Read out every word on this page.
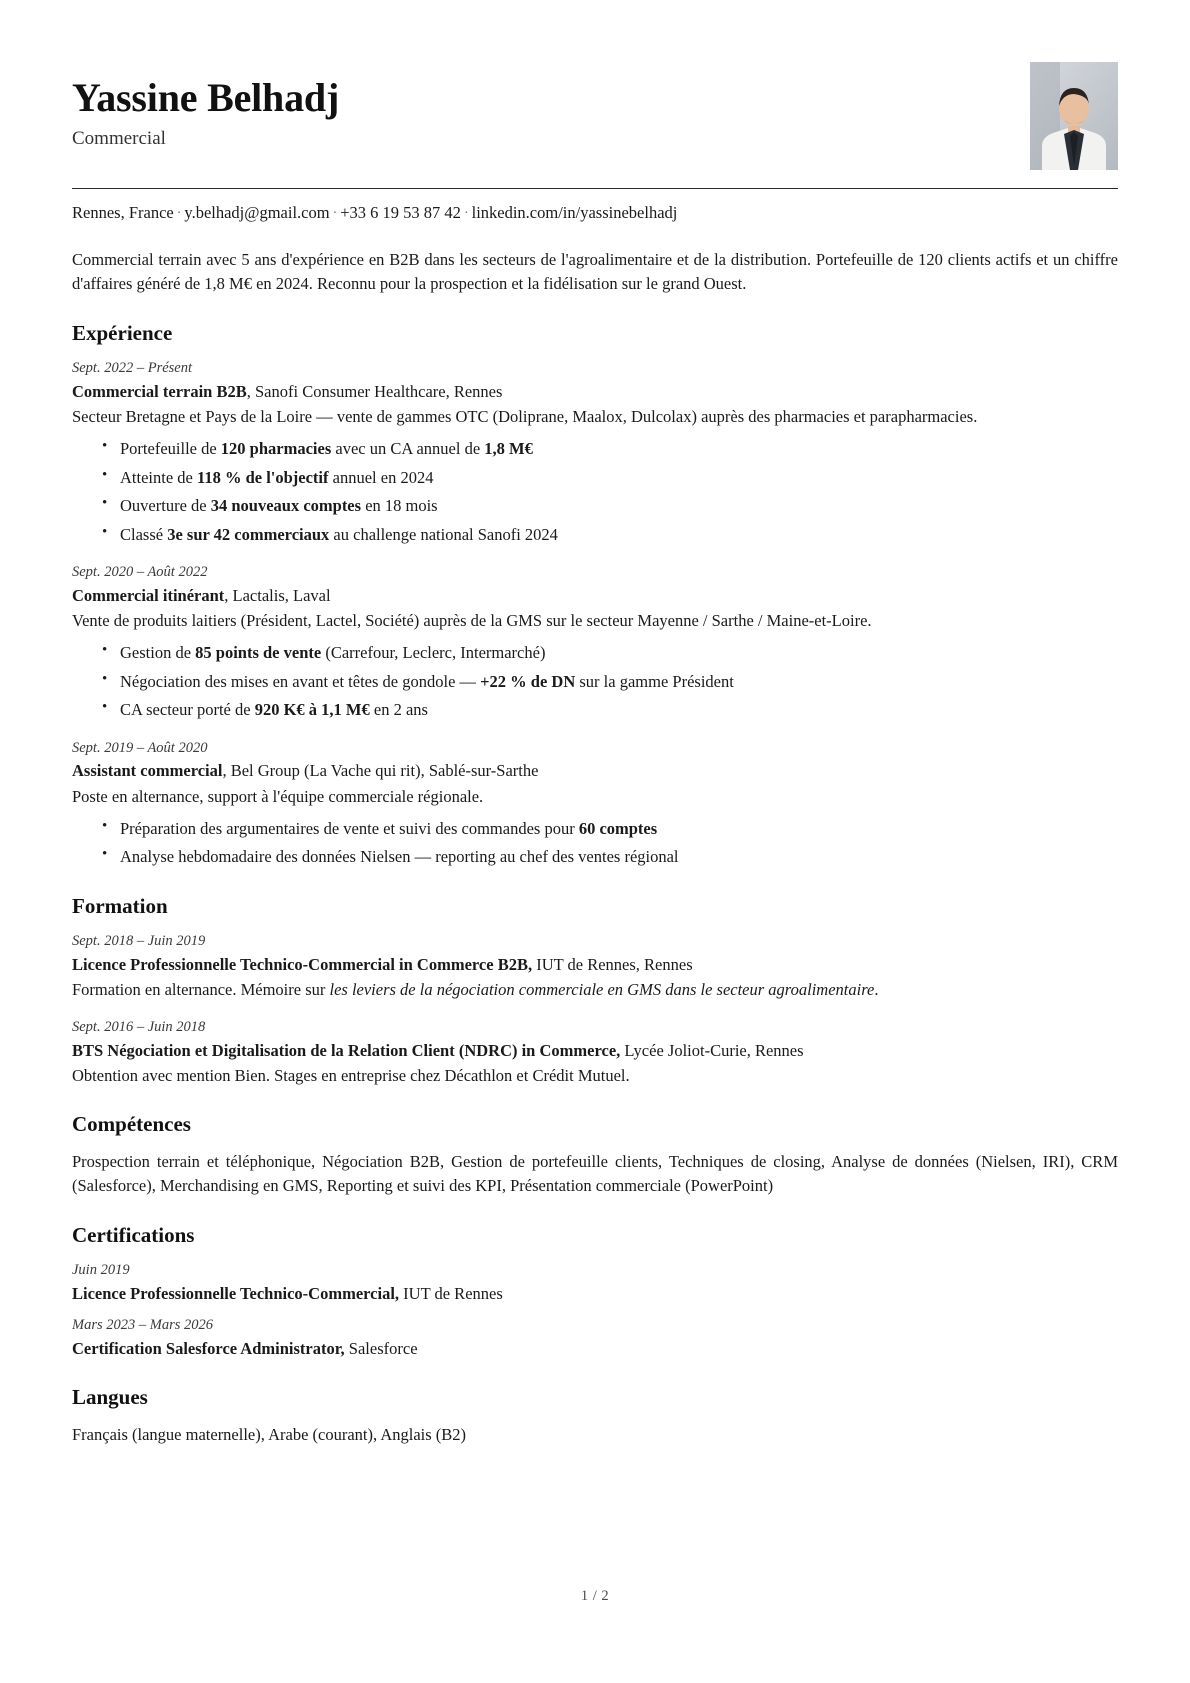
Yassine Belhadj

Commercial

Rennes, France · y.belhadj@gmail.com · +33 6 19 53 87 42 · linkedin.com/in/yassinebelhadj

Commercial terrain avec 5 ans d'expérience en B2B dans les secteurs de l'agroalimentaire et de la distribution. Portefeuille de 120 clients actifs et un chiffre d'affaires généré de 1,8 M€ en 2024. Reconnu pour la prospection et la fidélisation sur le grand Ouest.

Expérience
Sept. 2022 – Présent
Commercial terrain B2B, Sanofi Consumer Healthcare, Rennes
Secteur Bretagne et Pays de la Loire — vente de gammes OTC (Doliprane, Maalox, Dulcolax) auprès des pharmacies et parapharmacies.
• Portefeuille de 120 pharmacies avec un CA annuel de 1,8 M€
• Atteinte de 118 % de l'objectif annuel en 2024
• Ouverture de 34 nouveaux comptes en 18 mois
• Classé 3e sur 42 commerciaux au challenge national Sanofi 2024
Sept. 2020 – Août 2022
Commercial itinérant, Lactalis, Laval
Vente de produits laitiers (Président, Lactel, Société) auprès de la GMS sur le secteur Mayenne / Sarthe / Maine-et-Loire.
• Gestion de 85 points de vente (Carrefour, Leclerc, Intermarché)
• Négociation des mises en avant et têtes de gondole — +22 % de DN sur la gamme Président
• CA secteur porté de 920 K€ à 1,1 M€ en 2 ans
Sept. 2019 – Août 2020
Assistant commercial, Bel Group (La Vache qui rit), Sablé-sur-Sarthe
Poste en alternance, support à l'équipe commerciale régionale.
• Préparation des argumentaires de vente et suivi des commandes pour 60 comptes
• Analyse hebdomadaire des données Nielsen — reporting au chef des ventes régional
Formation
Sept. 2018 – Juin 2019
Licence Professionnelle Technico-Commercial in Commerce B2B, IUT de Rennes, Rennes
Formation en alternance. Mémoire sur les leviers de la négociation commerciale en GMS dans le secteur agroalimentaire.
Sept. 2016 – Juin 2018
BTS Négociation et Digitalisation de la Relation Client (NDRC) in Commerce, Lycée Joliot-Curie, Rennes
Obtention avec mention Bien. Stages en entreprise chez Décathlon et Crédit Mutuel.
Compétences

Prospection terrain et téléphonique, Négociation B2B, Gestion de portefeuille clients, Techniques de closing, Analyse de données (Nielsen, IRI), CRM (Salesforce), Merchandising en GMS, Reporting et suivi des KPI, Présentation commerciale (PowerPoint)

Certifications
Juin 2019
Licence Professionnelle Technico-Commercial, IUT de Rennes
Mars 2023 – Mars 2026
Certification Salesforce Administrator, Salesforce
Langues

Français (langue maternelle), Arabe (courant), Anglais (B2)

1 / 2
